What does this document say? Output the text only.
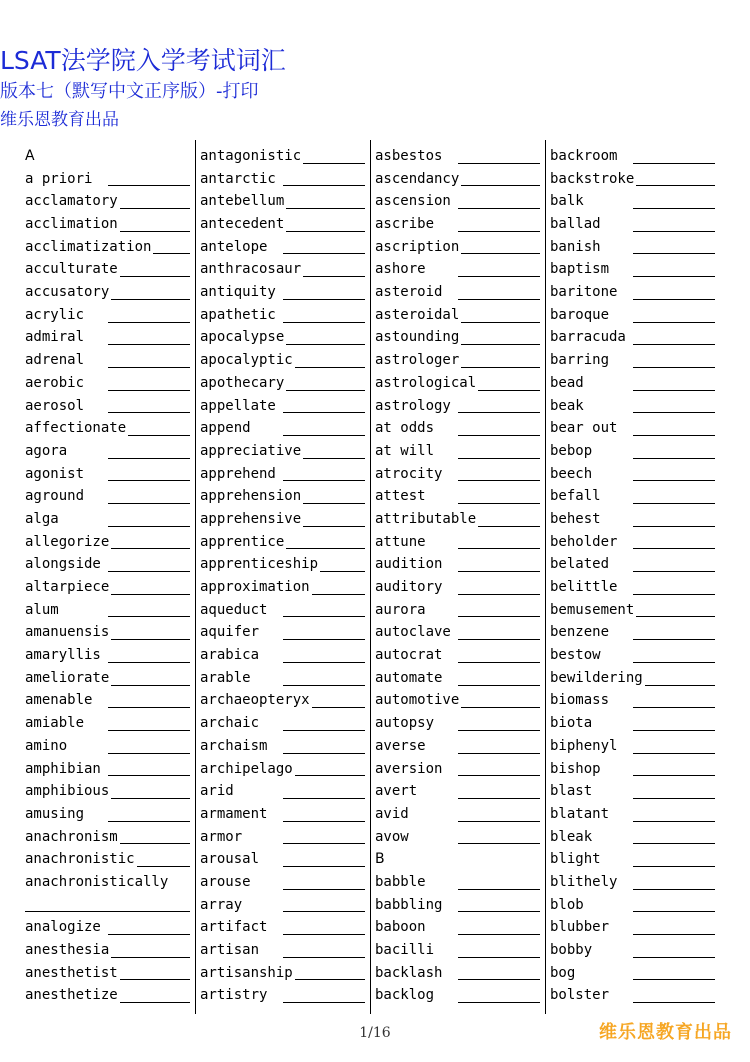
LSAT法学院入学考试词汇
版本七（默写中文正序版）-打印
维乐恩教育出品
A
a priori
acclamatory
acclimation
acclimatization
acculturate
accusatory
acrylic
admiral
adrenal
aerobic
aerosol
affectionate
agora
agonist
aground
alga
allegorize
alongside
altarpiece
alum
amanuensis
amaryllis
ameliorate
amenable
amiable
amino
amphibian
amphibious
amusing
anachronism
anachronistic
anachronistically
analogize
anesthesia
anesthetist
anesthetize
antagonistic
antarctic
antebellum
antecedent
antelope
anthracosaur
antiquity
apathetic
apocalypse
apocalyptic
apothecary
appellate
append
appreciative
apprehend
apprehension
apprehensive
apprentice
apprenticeship
approximation
aqueduct
aquifer
arabica
arable
archaeopteryx
archaic
archaism
archipelago
arid
armament
armor
arousal
arouse
array
artifact
artisan
artisanship
artistry
asbestos
ascendancy
ascension
ascribe
ascription
ashore
asteroid
asteroidal
astounding
astrologer
astrological
astrology
at odds
at will
atrocity
attest
attributable
attune
audition
auditory
aurora
autoclave
autocrat
automate
automotive
autopsy
averse
aversion
avert
avid
avow
B
babble
babbling
baboon
bacilli
backlash
backlog
backroom
backstroke
balk
ballad
banish
baptism
baritone
baroque
barracuda
barring
bead
beak
bear out
bebop
beech
befall
behest
beholder
belated
belittle
bemusement
benzene
bestow
bewildering
biomass
biota
biphenyl
bishop
blast
blatant
bleak
blight
blithely
blob
blubber
bobby
bog
bolster
1/16	维乐恩教育出品
